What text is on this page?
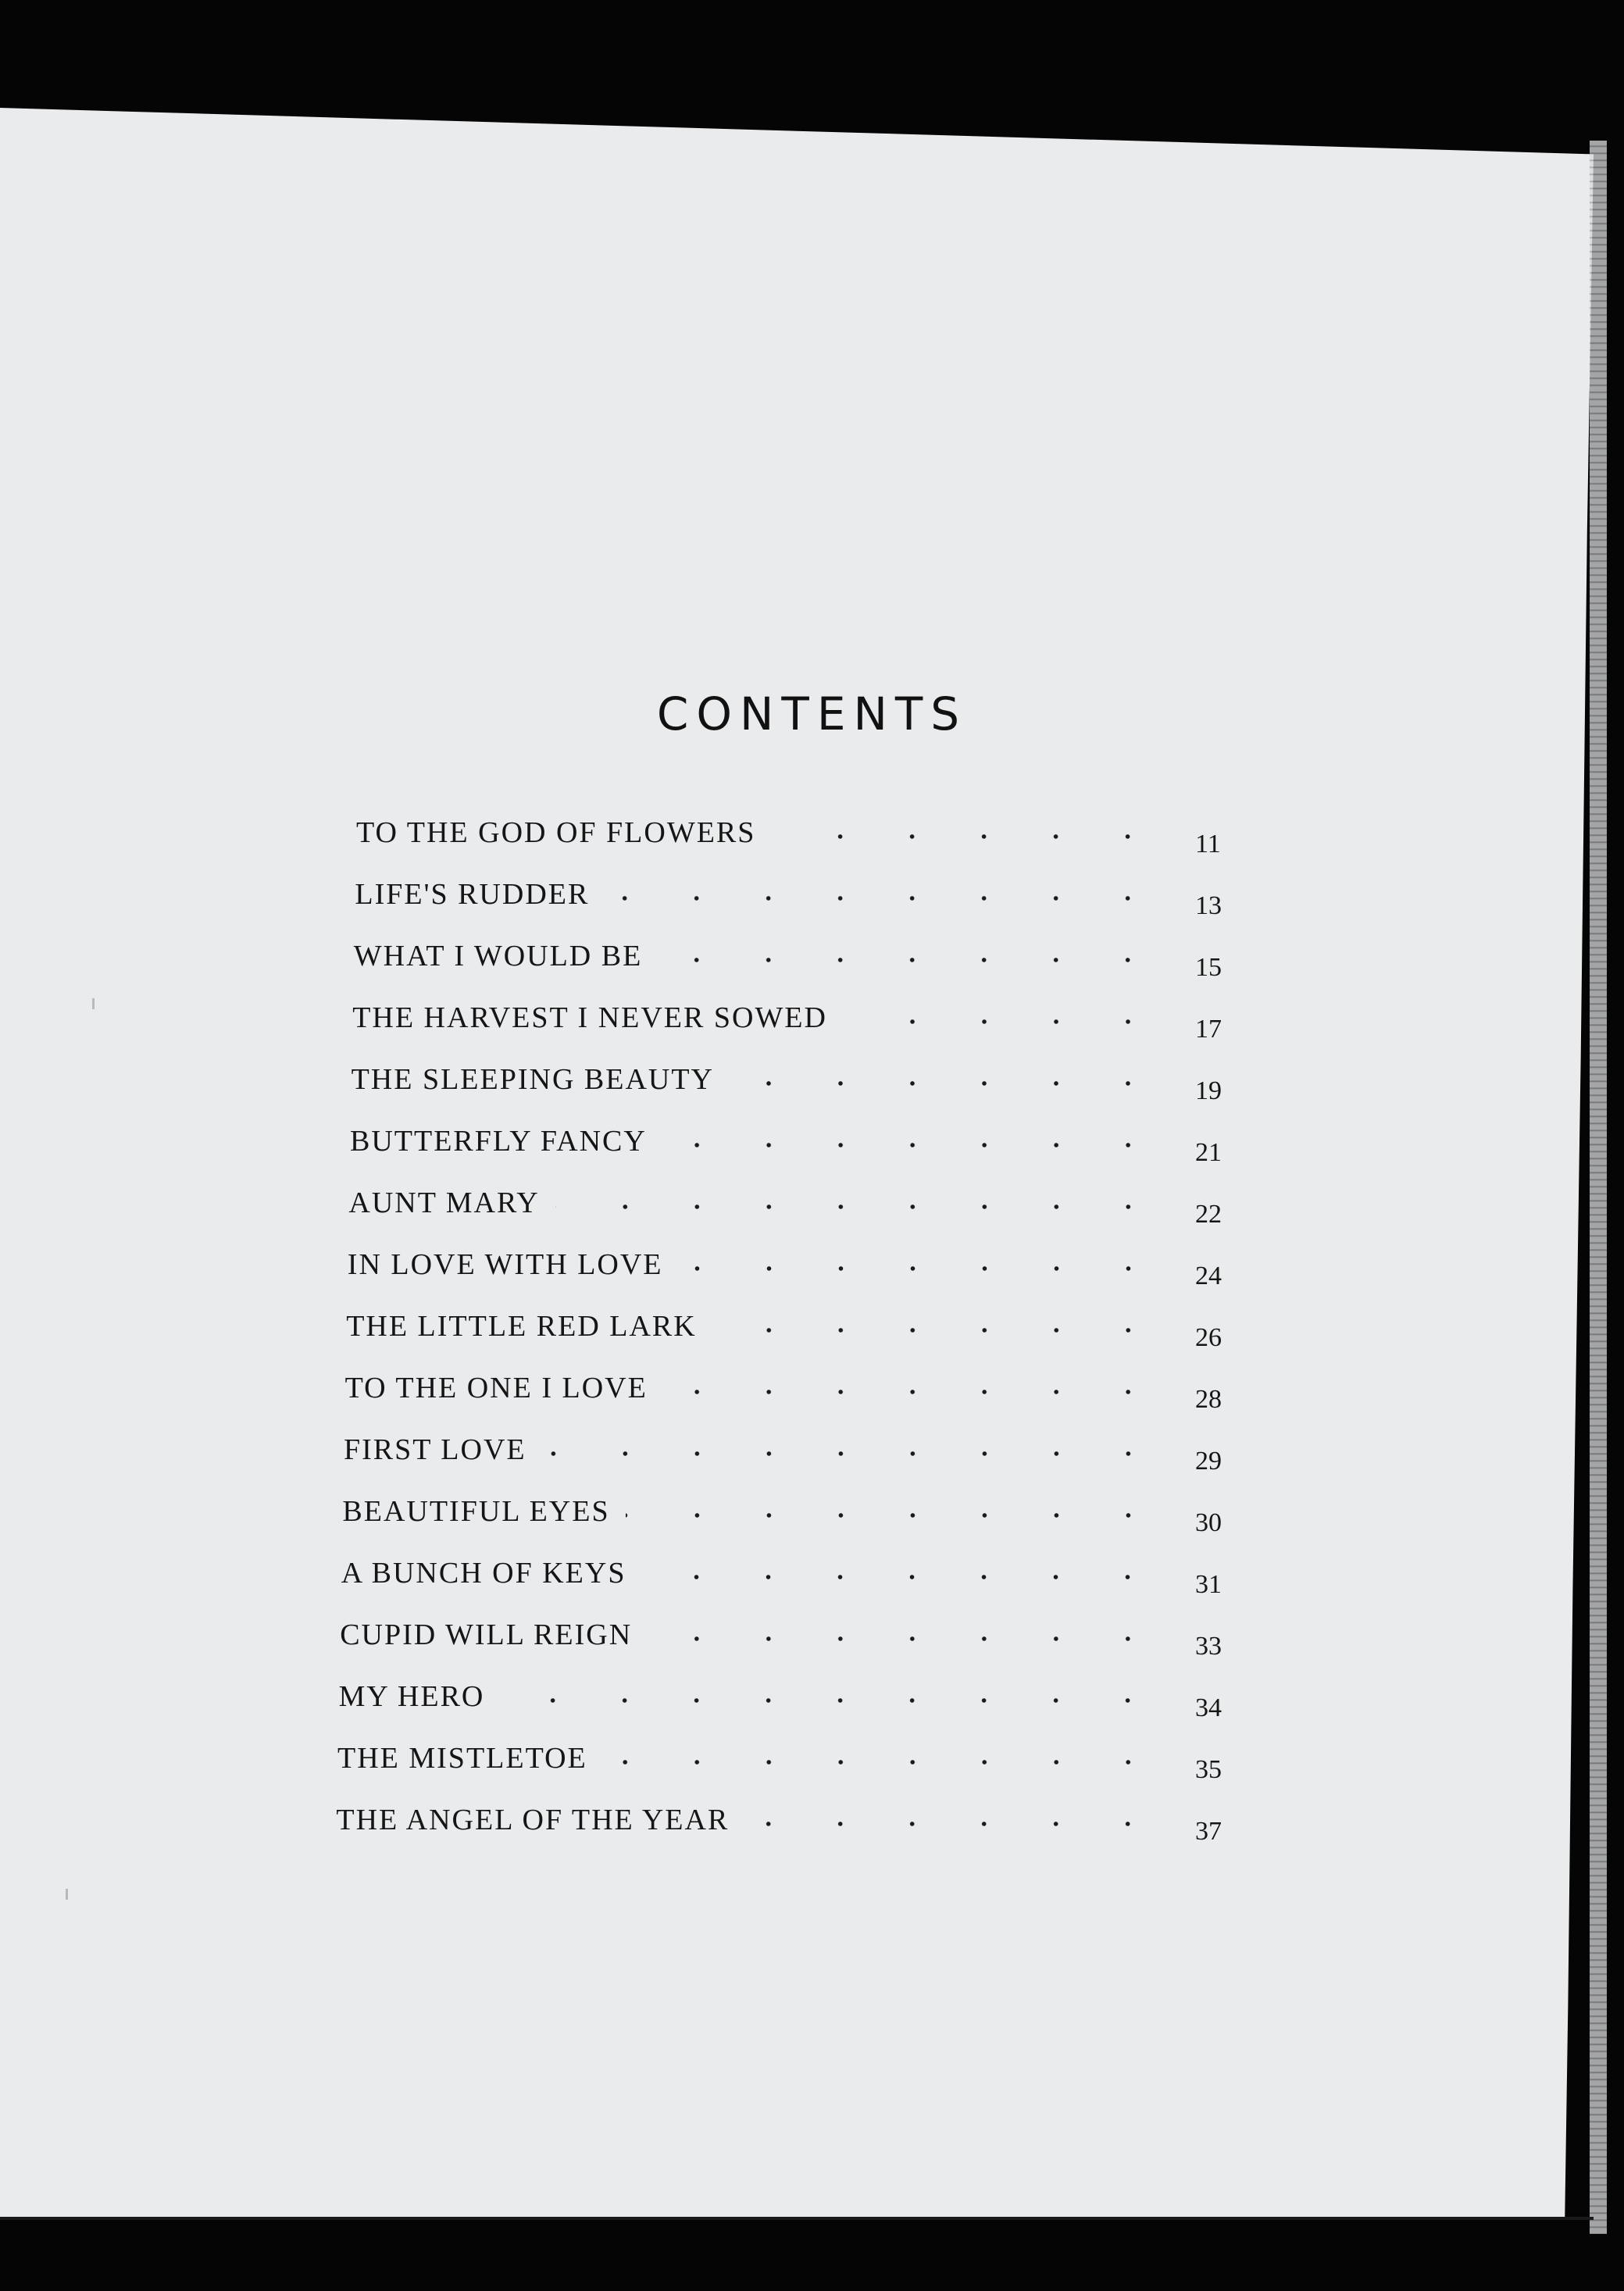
CONTENTS
TO THE GOD OF FLOWERS	11
LIFE'S RUDDER	13
WHAT I WOULD BE	15
THE HARVEST I NEVER SOWED	17
THE SLEEPING BEAUTY	19
BUTTERFLY FANCY	21
AUNT MARY	22
IN LOVE WITH LOVE	24
THE LITTLE RED LARK	26
TO THE ONE I LOVE	28
FIRST LOVE	29
BEAUTIFUL EYES	30
A BUNCH OF KEYS	31
CUPID WILL REIGN	33
MY HERO	34
THE MISTLETOE	35
THE ANGEL OF THE YEAR	37
